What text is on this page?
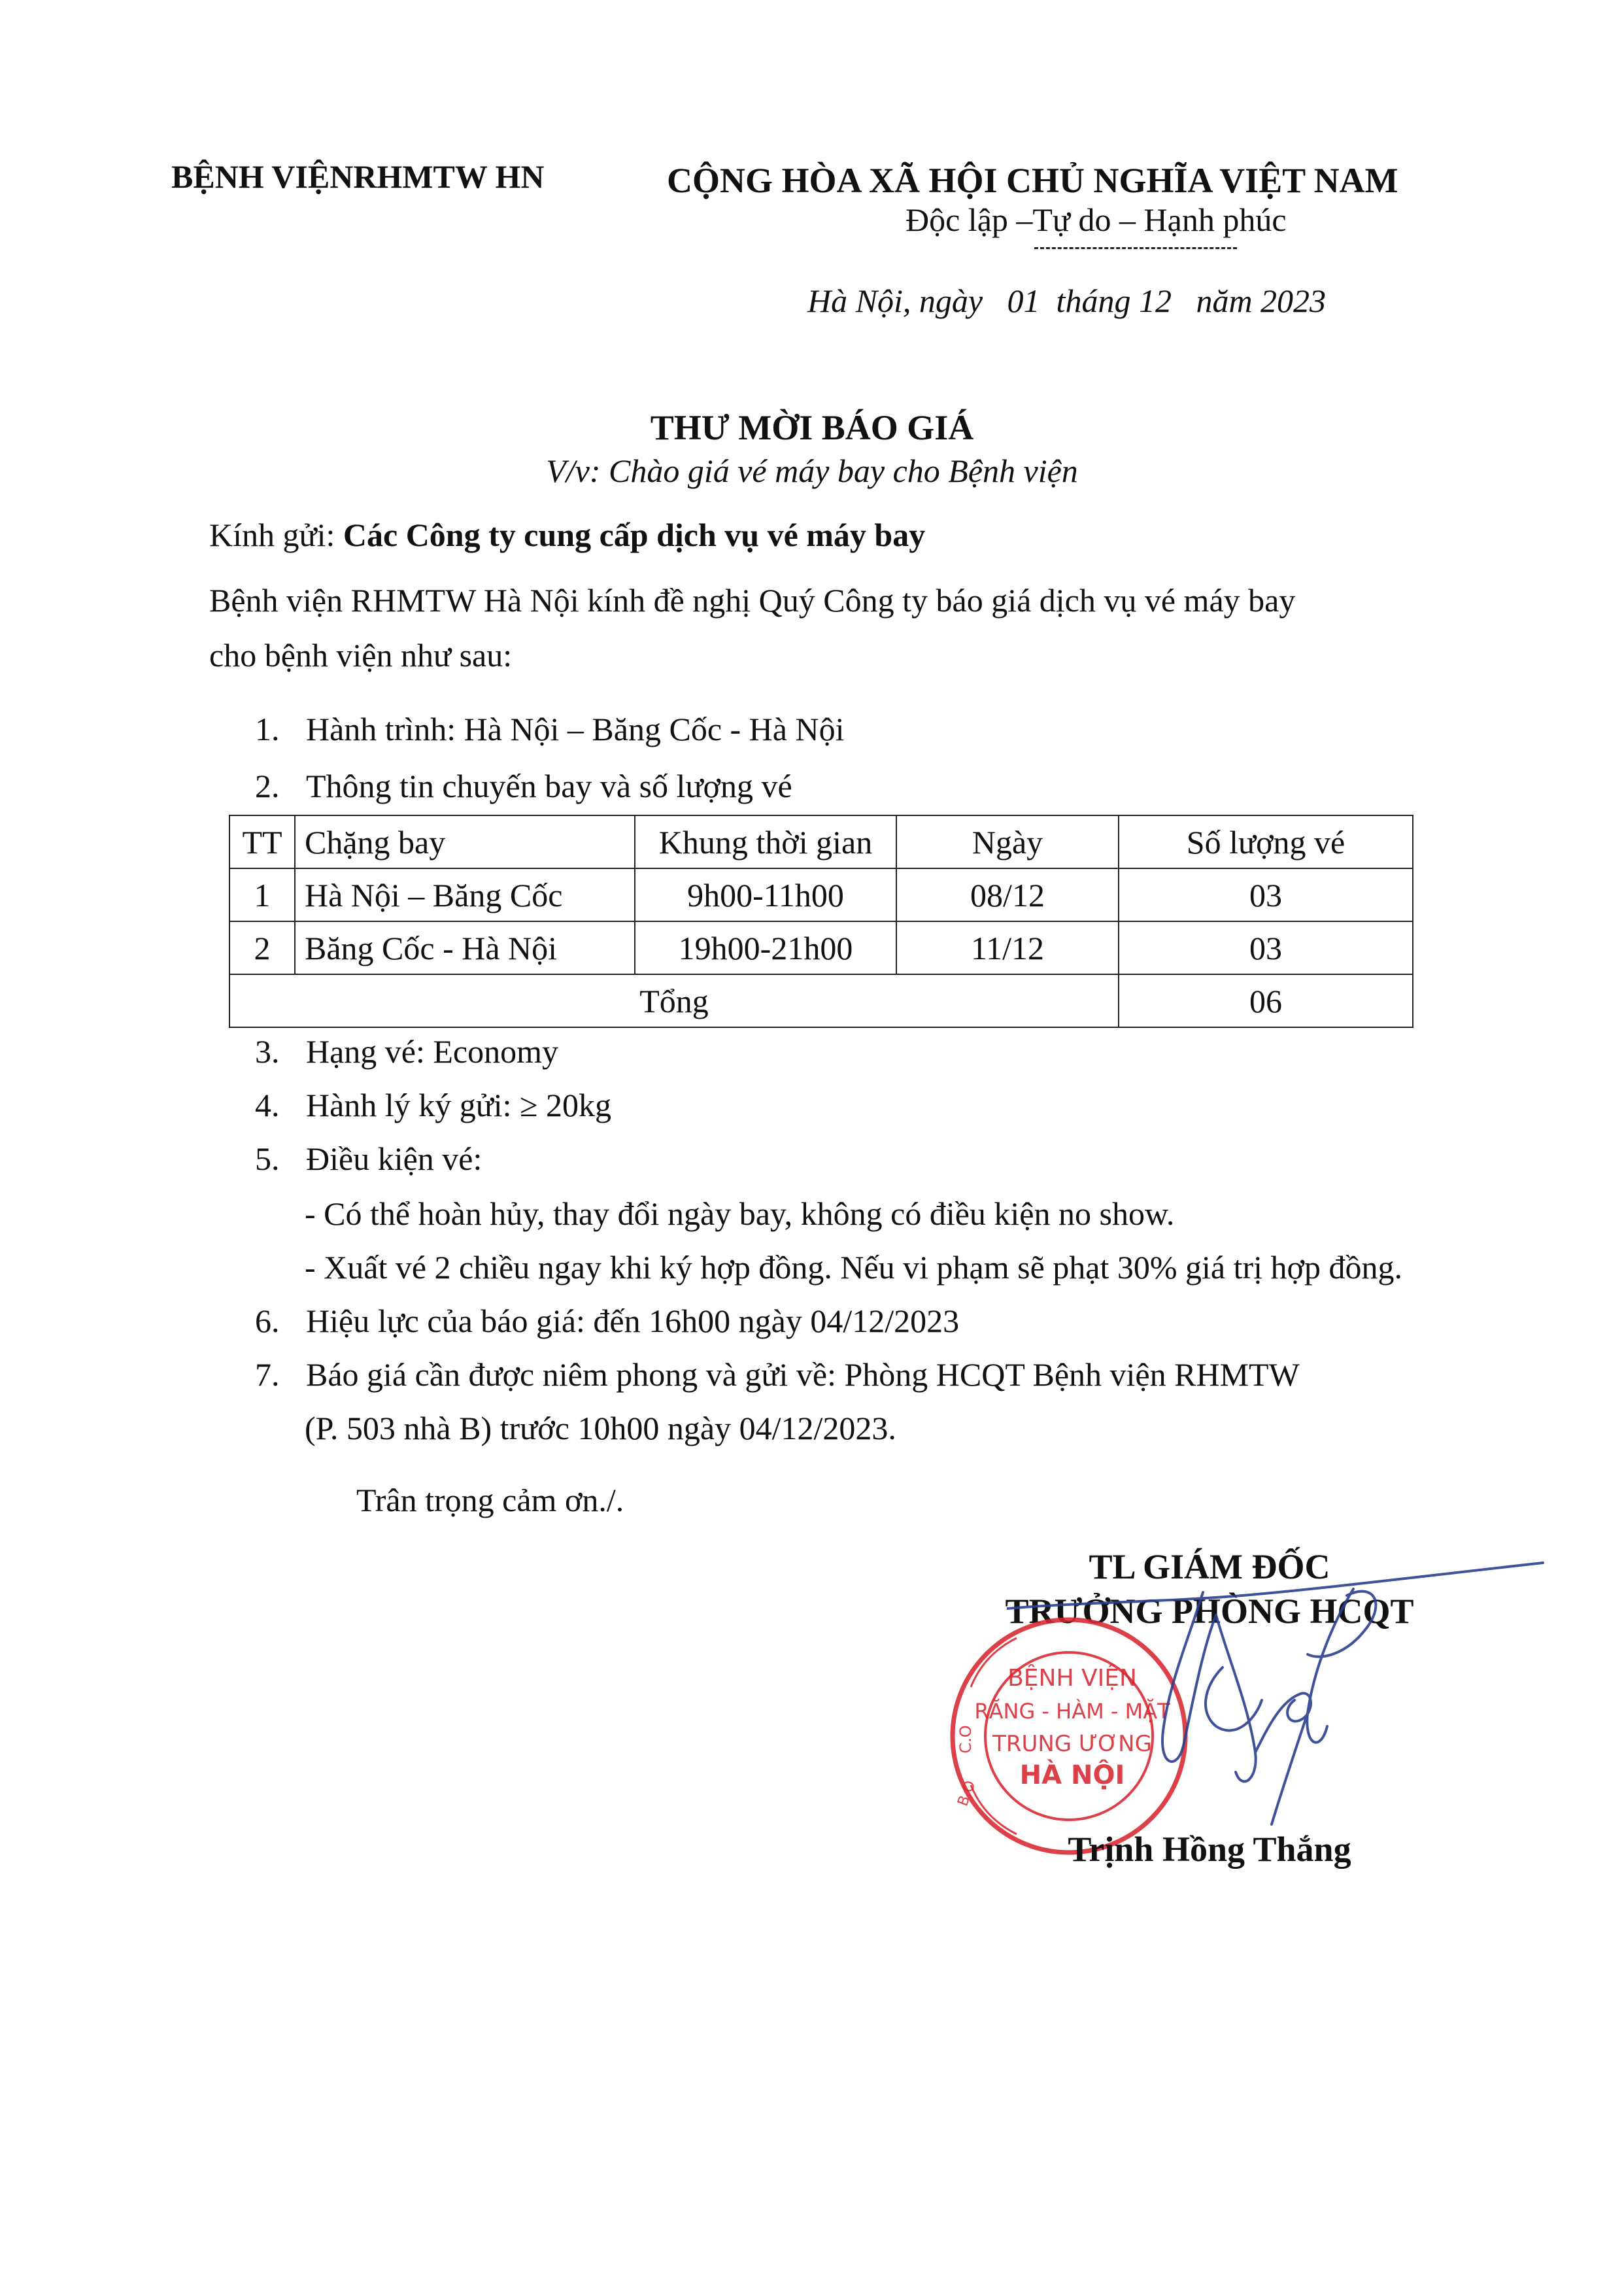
BỆNH VIỆNRHMTW HN	CỘNG HÒA XÃ HỘI CHỦ NGHĨA VIỆT NAM
Độc lập –Tự do – Hạnh phúc
Hà Nội, ngày 01 tháng 12 năm 2023
THƯ MỜI BÁO GIÁ
V/v: Chào giá vé máy bay cho Bệnh viện
Kính gửi: Các Công ty cung cấp dịch vụ vé máy bay
Bệnh viện RHMTW Hà Nội kính đề nghị Quý Công ty báo giá dịch vụ vé máy bay
cho bệnh viện như sau:
1. Hành trình: Hà Nội – Băng Cốc - Hà Nội
2. Thông tin chuyến bay và số lượng vé
TT	Chặng bay	Khung thời gian	Ngày	Số lượng vé
1	Hà Nội – Băng Cốc	9h00-11h00	08/12	03
2	Băng Cốc - Hà Nội	19h00-21h00	11/12	03
Tổng				06
3. Hạng vé: Economy
4. Hành lý ký gửi: ≥ 20kg
5. Điều kiện vé:
- Có thể hoàn hủy, thay đổi ngày bay, không có điều kiện no show.
- Xuất vé 2 chiều ngay khi ký hợp đồng. Nếu vi phạm sẽ phạt 30% giá trị hợp đồng.
6. Hiệu lực của báo giá: đến 16h00 ngày 04/12/2023
7. Báo giá cần được niêm phong và gửi về: Phòng HCQT Bệnh viện RHMTW
(P. 503 nhà B) trước 10h00 ngày 04/12/2023.
Trân trọng cảm ơn./.
TL GIÁM ĐỐC
TRƯỞNG PHÒNG HCQT
BỆNH VIỆN
RĂNG - HÀM - MẶT
TRUNG ƯƠNG
HÀ NỘI
C.O
B.O
Trịnh Hồng Thắng
